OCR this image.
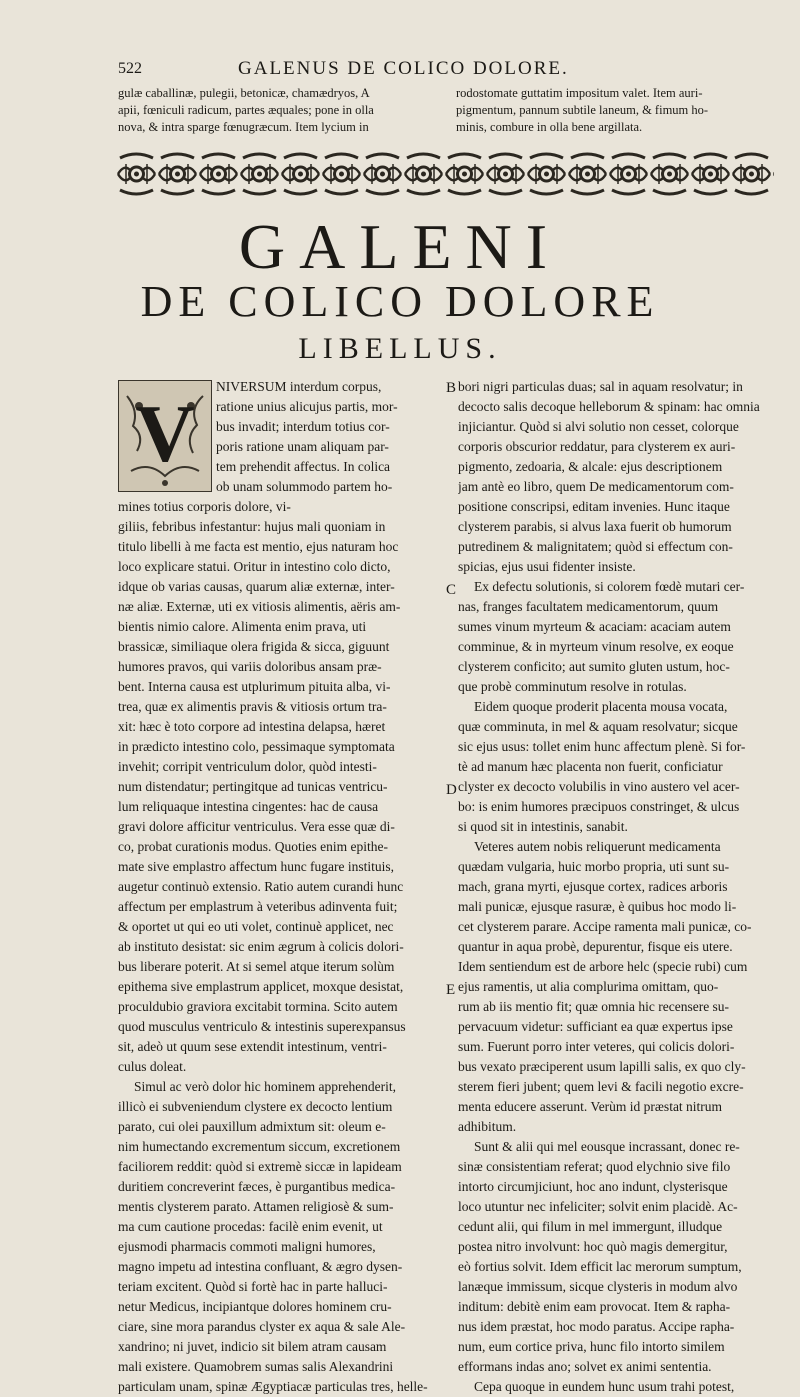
522	GALENUS DE COLICO DOLORE.
gulæ caballinæ, pulegii, betonicæ, chamædryos, A
apii, fœniculi radicum, partes æquales; pone in olla
nova, & intra sparge fœnugræcum. Item lycium in
rodostomate guttatim impositum valet. Item auri-
pigmentum, pannum subtile laneum, & fimum ho-
minis, combure in olla bene argillata.
GALENI
DE COLICO DOLORE
LIBELLUS.
V
NIVERSUM interdum corpus,
ratione unius alicujus partis, mor-
bus invadit; interdum totius cor-
poris ratione unam aliquam par-
tem prehendit affectus. In colica
ob unam solummodo partem ho-
mines totius corporis dolore, vi-
giliis, febribus infestantur: hujus mali quoniam in
titulo libelli à me facta est mentio, ejus naturam hoc
loco explicare statui. Oritur in intestino colo dicto,
idque ob varias causas, quarum aliæ externæ, inter-
næ aliæ. Externæ, uti ex vitiosis alimentis, aëris am-
bientis nimio calore. Alimenta enim prava, uti
brassicæ, similiaque olera frigida & sicca, giguunt
humores pravos, qui variis doloribus ansam præ-
bent. Interna causa est utplurimum pituita alba, vi-
trea, quæ ex alimentis pravis & vitiosis ortum tra-
xit: hæc è toto corpore ad intestina delapsa, hæret
in prædicto intestino colo, pessimaque symptomata
invehit; corripit ventriculum dolor, quòd intesti-
num distendatur; pertingitque ad tunicas ventricu-
lum reliquaque intestina cingentes: hac de causa
gravi dolore afficitur ventriculus. Vera esse quæ di-
co, probat curationis modus. Quoties enim epithe-
mate sive emplastro affectum hunc fugare instituis,
augetur continuò extensio. Ratio autem curandi hunc
affectum per emplastrum à veteribus adinventa fuit;
& oportet ut qui eo uti volet, continuè applicet, nec
ab instituto desistat: sic enim ægrum à colicis dolori-
bus liberare poterit. At si semel atque iterum solùm
epithema sive emplastrum applicet, moxque desistat,
proculdubio graviora excitabit tormina. Scito autem
quod musculus ventriculo & intestinis superexpansus
sit, adeò ut quum sese extendit intestinum, ventri-
culus doleat.
Simul ac verò dolor hic hominem apprehenderit,
illicò ei subveniendum clystere ex decocto lentium
parato, cui olei pauxillum admixtum sit: oleum e-
nim humectando excrementum siccum, excretionem
faciliorem reddit: quòd si extremè siccæ in lapideam
duritiem concreverint fæces, è purgantibus medica-
mentis clysterem parato. Attamen religiosè & sum-
ma cum cautione procedas: facilè enim evenit, ut
ejusmodi pharmacis commoti maligni humores,
magno impetu ad intestina confluant, & ægro dysen-
teriam excitent. Quòd si fortè hac in parte halluci-
netur Medicus, incipiantque dolores hominem cru-
ciare, sine mora parandus clyster ex aqua & sale Ale-
xandrino; ni juvet, indicio sit bilem atram causam
mali existere. Quamobrem sumas salis Alexandrini
particulam unam, spinæ Ægyptiacæ particulas tres, helle-
bori nigri particulas duas; sal in aquam resolvatur; in
decocto salis decoque helleborum & spinam: hac omnia
injiciantur. Quòd si alvi solutio non cesset, colorque
corporis obscurior reddatur, para clysterem ex auri-
pigmento, zedoaria, & alcale: ejus descriptionem
jam antè eo libro, quem De medicamentorum com-
positione conscripsi, editam invenies. Hunc itaque
clysterem parabis, si alvus laxa fuerit ob humorum
putredinem & malignitatem; quòd si effectum con-
spicias, ejus usui fidenter insiste.
Ex defectu solutionis, si colorem fœdè mutari cer-
nas, franges facultatem medicamentorum, quum
sumes vinum myrteum & acaciam: acaciam autem
comminue, & in myrteum vinum resolve, ex eoque
clysterem conficito; aut sumito gluten ustum, hoc-
que probè comminutum resolve in rotulas.
Eidem quoque proderit placenta mousa vocata,
quæ comminuta, in mel & aquam resolvatur; sicque
sic ejus usus: tollet enim hunc affectum plenè. Si for-
tè ad manum hæc placenta non fuerit, conficiatur
clyster ex decocto volubilis in vino austero vel acer-
bo: is enim humores præcipuos constringet, & ulcus
si quod sit in intestinis, sanabit.
Veteres autem nobis reliquerunt medicamenta
quædam vulgaria, huic morbo propria, uti sunt su-
mach, grana myrti, ejusque cortex, radices arboris
mali punicæ, ejusque rasuræ, è quibus hoc modo li-
cet clysterem parare. Accipe ramenta mali punicæ, co-
quantur in aqua probè, depurentur, fisque eis utere.
Idem sentiendum est de arbore helc (specie rubi) cum
ejus ramentis, ut alia complurima omittam, quo-
rum ab iis mentio fit; quæ omnia hic recensere su-
pervacuum videtur: sufficiant ea quæ expertus ipse
sum. Fuerunt porro inter veteres, qui colicis dolori-
bus vexato præciperent usum lapilli salis, ex quo cly-
sterem fieri jubent; quem levi & facili negotio excre-
menta educere asserunt. Verùm id præstat nitrum
adhibitum.
Sunt & alii qui mel eousque incrassant, donec re-
sinæ consistentiam referat; quod elychnio sive filo
intorto circumjiciunt, hoc ano indunt, clysterisque
loco utuntur nec infeliciter; solvit enim placidè. Ac-
cedunt alii, qui filum in mel immergunt, illudque
postea nitro involvunt: hoc quò magis demergitur,
eò fortius solvit. Idem efficit lac merorum sumptum,
lanæque immissum, sicque clysteris in modum alvo
inditum: debitè enim eam provocat. Item & rapha-
nus idem præstat, hoc modo paratus. Accipe rapha-
num, eum cortice priva, hunc filo intorto similem
efformans indas ano; solvet ex animi sententia.
Cepa quoque in eundem hunc usum trahi potest,
B
C
D
E
